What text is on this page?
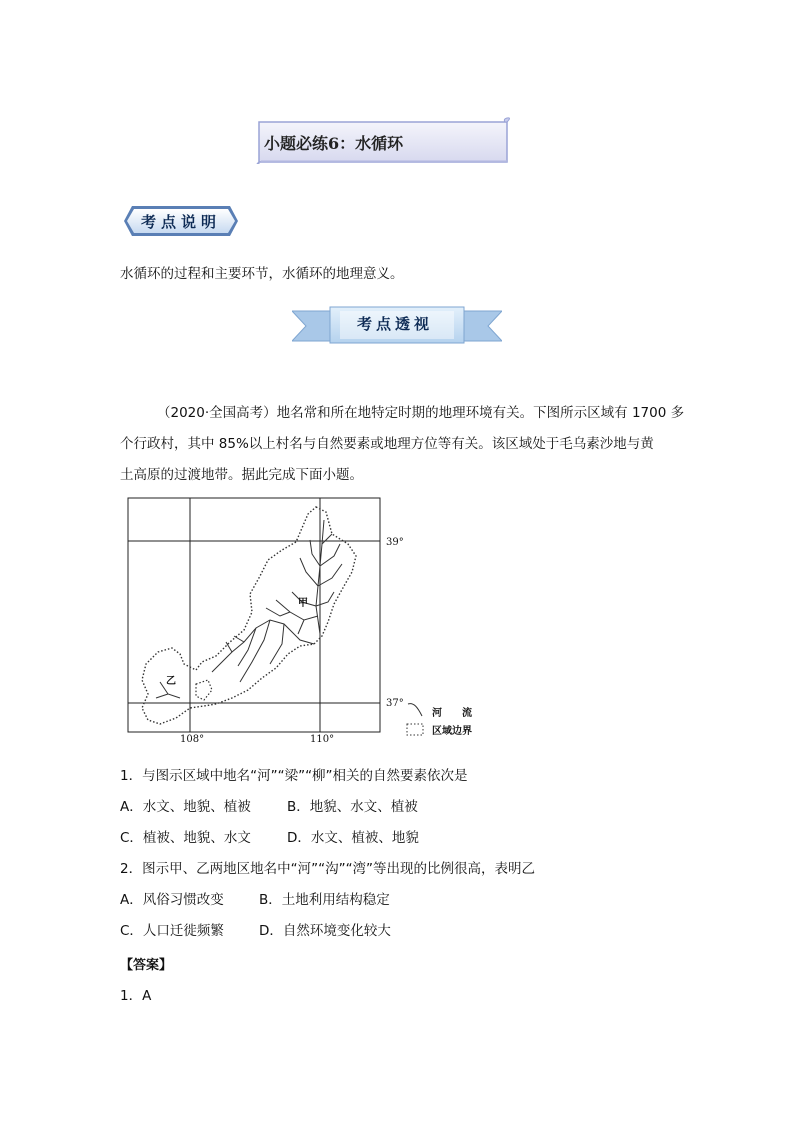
小题必练6：水循环
考点说明
水循环的过程和主要环节，水循环的地理意义。
考点透视
（2020·全国高考）地名常和所在地特定时期的地理环境有关。下图所示区域有 1700 多
个行政村，其中 85%以上村名与自然要素或地理方位等有关。该区域处于毛乌素沙地与黄
土高原的过渡地带。据此完成下面小题。
甲
乙
39°
37°
108°	110°
河　　流
区域边界
1．与图示区域中地名“河”“梁”“柳”相关的自然要素依次是
A．水文、地貌、植被	B．地貌、水文、植被
C．植被、地貌、水文	D．水文、植被、地貌
2．图示甲、乙两地区地名中“河”“沟”“湾”等出现的比例很高，表明乙
A．风俗习惯改变	B．土地利用结构稳定
C．人口迁徙频繁	D．自然环境变化较大
【答案】
1．A
